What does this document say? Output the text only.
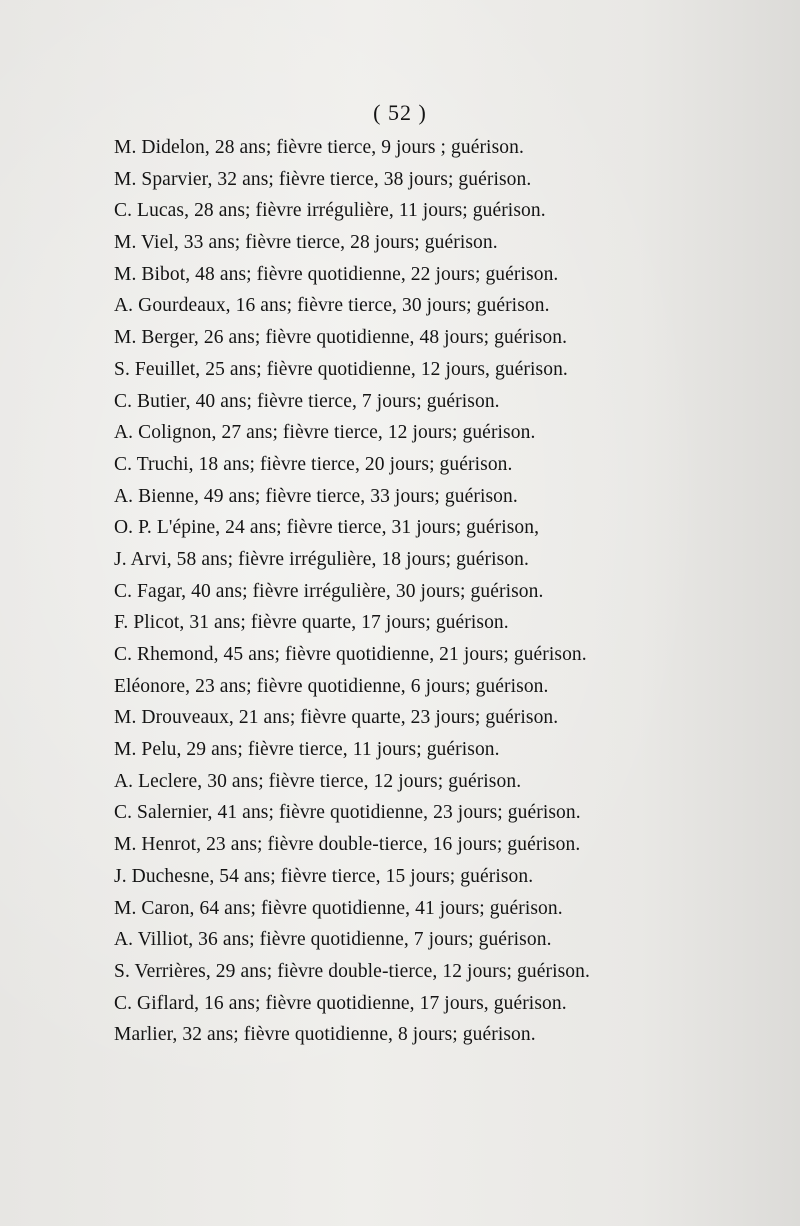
( 52 )
M. Didelon, 28 ans; fièvre tierce, 9 jours ; guérison.
M. Sparvier, 32 ans; fièvre tierce, 38 jours; guérison.
C. Lucas, 28 ans; fièvre irrégulière, 11 jours; guérison.
M. Viel, 33 ans; fièvre tierce, 28 jours; guérison.
M. Bibot, 48 ans; fièvre quotidienne, 22 jours; guérison.
A. Gourdeaux, 16 ans; fièvre tierce, 30 jours; guérison.
M. Berger, 26 ans; fièvre quotidienne, 48 jours; guérison.
S. Feuillet, 25 ans; fièvre quotidienne, 12 jours, guérison.
C. Butier, 40 ans; fièvre tierce, 7 jours; guérison.
A. Colignon, 27 ans; fièvre tierce, 12 jours; guérison.
C. Truchi, 18 ans; fièvre tierce, 20 jours; guérison.
A. Bienne, 49 ans; fièvre tierce, 33 jours; guérison.
O. P. L'épine, 24 ans; fièvre tierce, 31 jours; guérison,
J. Arvi, 58 ans; fièvre irrégulière, 18 jours; guérison.
C. Fagar, 40 ans; fièvre irrégulière, 30 jours; guérison.
F. Plicot, 31 ans; fièvre quarte, 17 jours; guérison.
C. Rhemond, 45 ans; fièvre quotidienne, 21 jours; guérison.
Eléonore, 23 ans; fièvre quotidienne, 6 jours; guérison.
M. Drouveaux, 21 ans; fièvre quarte, 23 jours; guérison.
M. Pelu, 29 ans; fièvre tierce, 11 jours; guérison.
A. Leclere, 30 ans; fièvre tierce, 12 jours; guérison.
C. Salernier, 41 ans; fièvre quotidienne, 23 jours; guérison.
M. Henrot, 23 ans; fièvre double-tierce, 16 jours; guérison.
J. Duchesne, 54 ans; fièvre tierce, 15 jours; guérison.
M. Caron, 64 ans; fièvre quotidienne, 41 jours; guérison.
A. Villiot, 36 ans; fièvre quotidienne, 7 jours; guérison.
S. Verrières, 29 ans; fièvre double-tierce, 12 jours; guérison.
C. Giflard, 16 ans; fièvre quotidienne, 17 jours, guérison.
Marlier, 32 ans; fièvre quotidienne, 8 jours; guérison.
